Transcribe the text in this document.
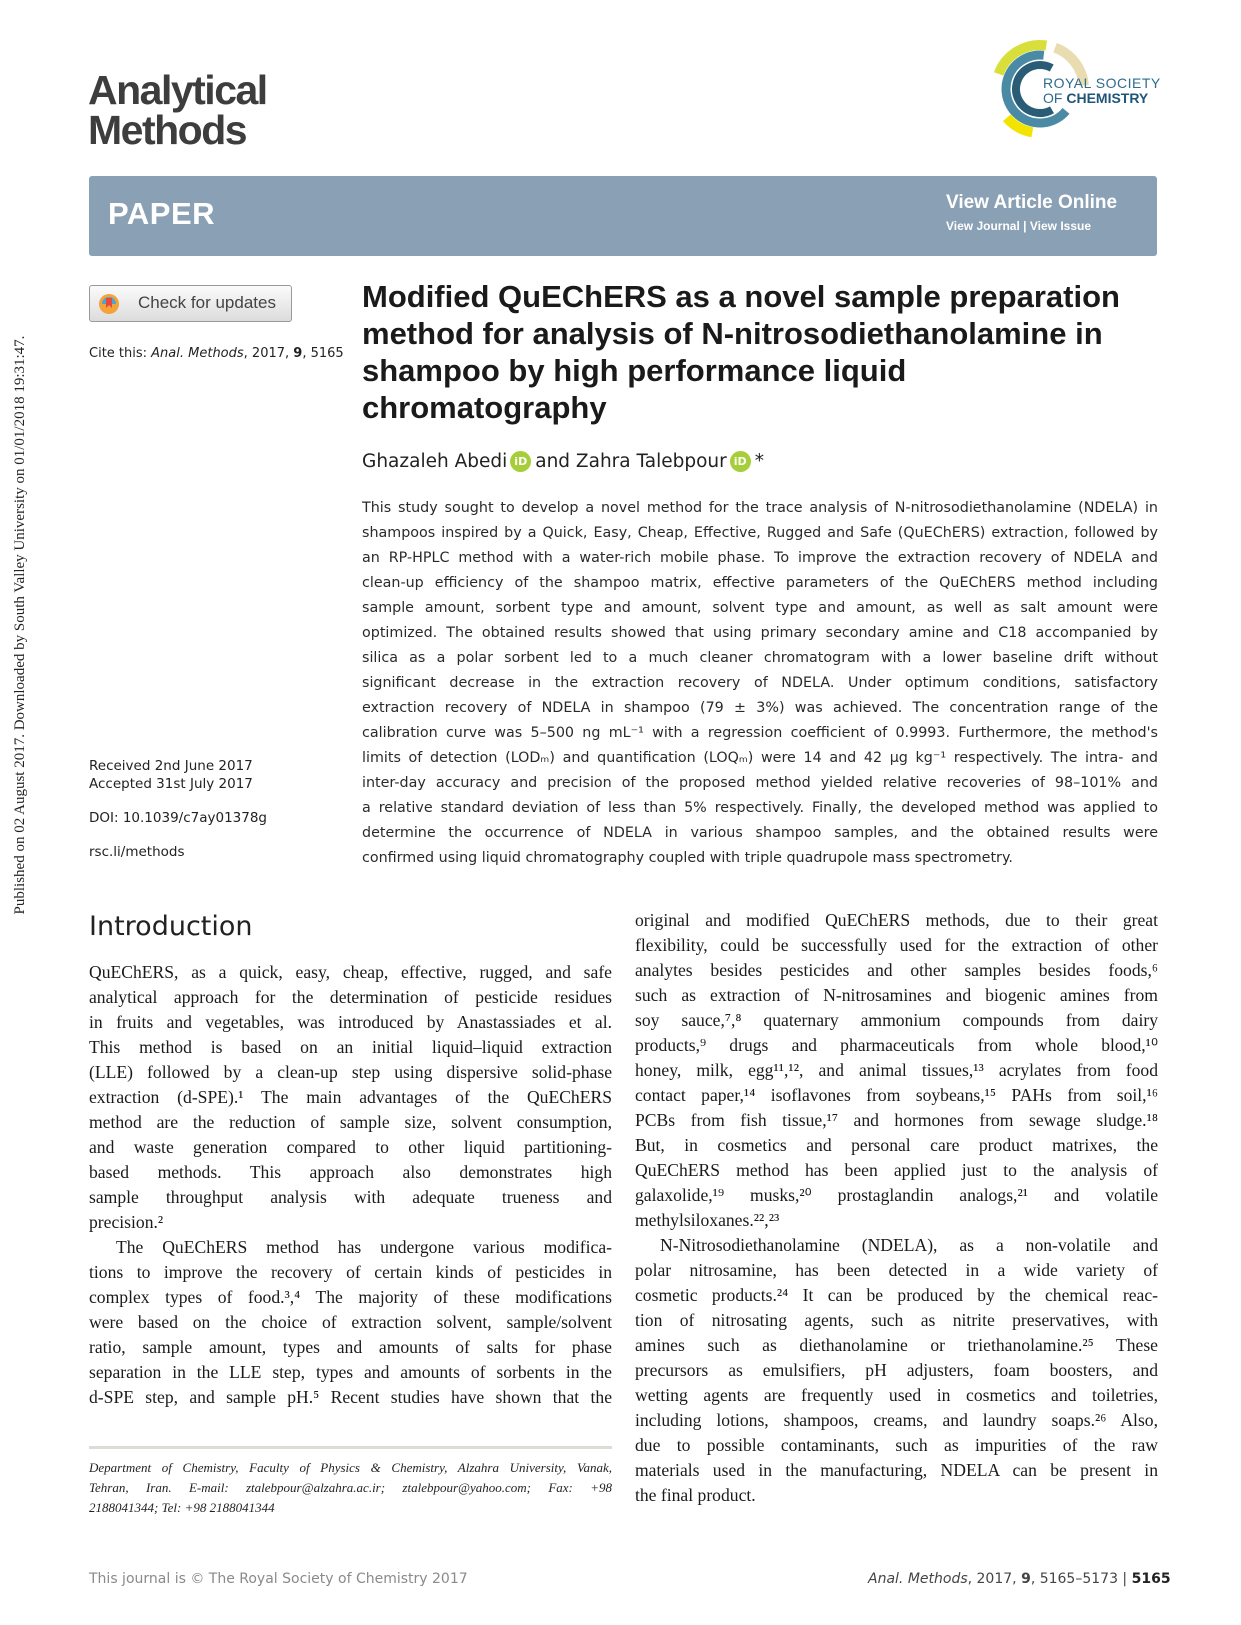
Published on 02 August 2017. Downloaded by South Valley University on 01/01/2018 19:31:47.
Analytical
Methods
ROYAL SOCIETY
OF CHEMISTRY
PAPER	View Article Online
View Journal | View Issue
Check for updates
Cite this: Anal. Methods, 2017, 9, 5165
Received 2nd June 2017
Accepted 31st July 2017
DOI: 10.1039/c7ay01378g
rsc.li/methods
Modified QuEChERS as a novel sample preparation
method for analysis of N-nitrosodiethanolamine in
shampoo by high performance liquid
chromatography
Ghazaleh Abedi iD and Zahra Talebpour iD *
This study sought to develop a novel method for the trace analysis of N-nitrosodiethanolamine (NDELA) in
shampoos inspired by a Quick, Easy, Cheap, Effective, Rugged and Safe (QuEChERS) extraction, followed by
an RP-HPLC method with a water-rich mobile phase. To improve the extraction recovery of NDELA and
clean-up efficiency of the shampoo matrix, effective parameters of the QuEChERS method including
sample amount, sorbent type and amount, solvent type and amount, as well as salt amount were
optimized. The obtained results showed that using primary secondary amine and C18 accompanied by
silica as a polar sorbent led to a much cleaner chromatogram with a lower baseline drift without
significant decrease in the extraction recovery of NDELA. Under optimum conditions, satisfactory
extraction recovery of NDELA in shampoo (79 ± 3%) was achieved. The concentration range of the
calibration curve was 5–500 ng mL⁻¹ with a regression coefficient of 0.9993. Furthermore, the method's
limits of detection (LODₘ) and quantification (LOQₘ) were 14 and 42 μg kg⁻¹ respectively. The intra- and
inter-day accuracy and precision of the proposed method yielded relative recoveries of 98–101% and
a relative standard deviation of less than 5% respectively. Finally, the developed method was applied to
determine the occurrence of NDELA in various shampoo samples, and the obtained results were
confirmed using liquid chromatography coupled with triple quadrupole mass spectrometry.
Introduction
QuEChERS, as a quick, easy, cheap, effective, rugged, and safe
analytical approach for the determination of pesticide residues
in fruits and vegetables, was introduced by Anastassiades et al.
This method is based on an initial liquid–liquid extraction
(LLE) followed by a clean-up step using dispersive solid-phase
extraction (d-SPE).¹ The main advantages of the QuEChERS
method are the reduction of sample size, solvent consumption,
and waste generation compared to other liquid partitioning-
based methods. This approach also demonstrates high
sample throughput analysis with adequate trueness and
precision.²
The QuEChERS method has undergone various modifica-
tions to improve the recovery of certain kinds of pesticides in
complex types of food.³,⁴ The majority of these modifications
were based on the choice of extraction solvent, sample/solvent
ratio, sample amount, types and amounts of salts for phase
separation in the LLE step, types and amounts of sorbents in the
d-SPE step, and sample pH.⁵ Recent studies have shown that the
original and modified QuEChERS methods, due to their great
flexibility, could be successfully used for the extraction of other
analytes besides pesticides and other samples besides foods,⁶
such as extraction of N-nitrosamines and biogenic amines from
soy sauce,⁷,⁸ quaternary ammonium compounds from dairy
products,⁹ drugs and pharmaceuticals from whole blood,¹⁰
honey, milk, egg¹¹,¹², and animal tissues,¹³ acrylates from food
contact paper,¹⁴ isoflavones from soybeans,¹⁵ PAHs from soil,¹⁶
PCBs from fish tissue,¹⁷ and hormones from sewage sludge.¹⁸
But, in cosmetics and personal care product matrixes, the
QuEChERS method has been applied just to the analysis of
galaxolide,¹⁹ musks,²⁰ prostaglandin analogs,²¹ and volatile
methylsiloxanes.²²,²³
N-Nitrosodiethanolamine (NDELA), as a non-volatile and
polar nitrosamine, has been detected in a wide variety of
cosmetic products.²⁴ It can be produced by the chemical reac-
tion of nitrosating agents, such as nitrite preservatives, with
amines such as diethanolamine or triethanolamine.²⁵ These
precursors as emulsifiers, pH adjusters, foam boosters, and
wetting agents are frequently used in cosmetics and toiletries,
including lotions, shampoos, creams, and laundry soaps.²⁶ Also,
due to possible contaminants, such as impurities of the raw
materials used in the manufacturing, NDELA can be present in
the final product.
Department of Chemistry, Faculty of Physics & Chemistry, Alzahra University, Vanak,
Tehran, Iran. E-mail: ztalebpour@alzahra.ac.ir; ztalebpour@yahoo.com; Fax: +98
2188041344; Tel: +98 2188041344
This journal is © The Royal Society of Chemistry 2017	Anal. Methods, 2017, 9, 5165–5173 | 5165
